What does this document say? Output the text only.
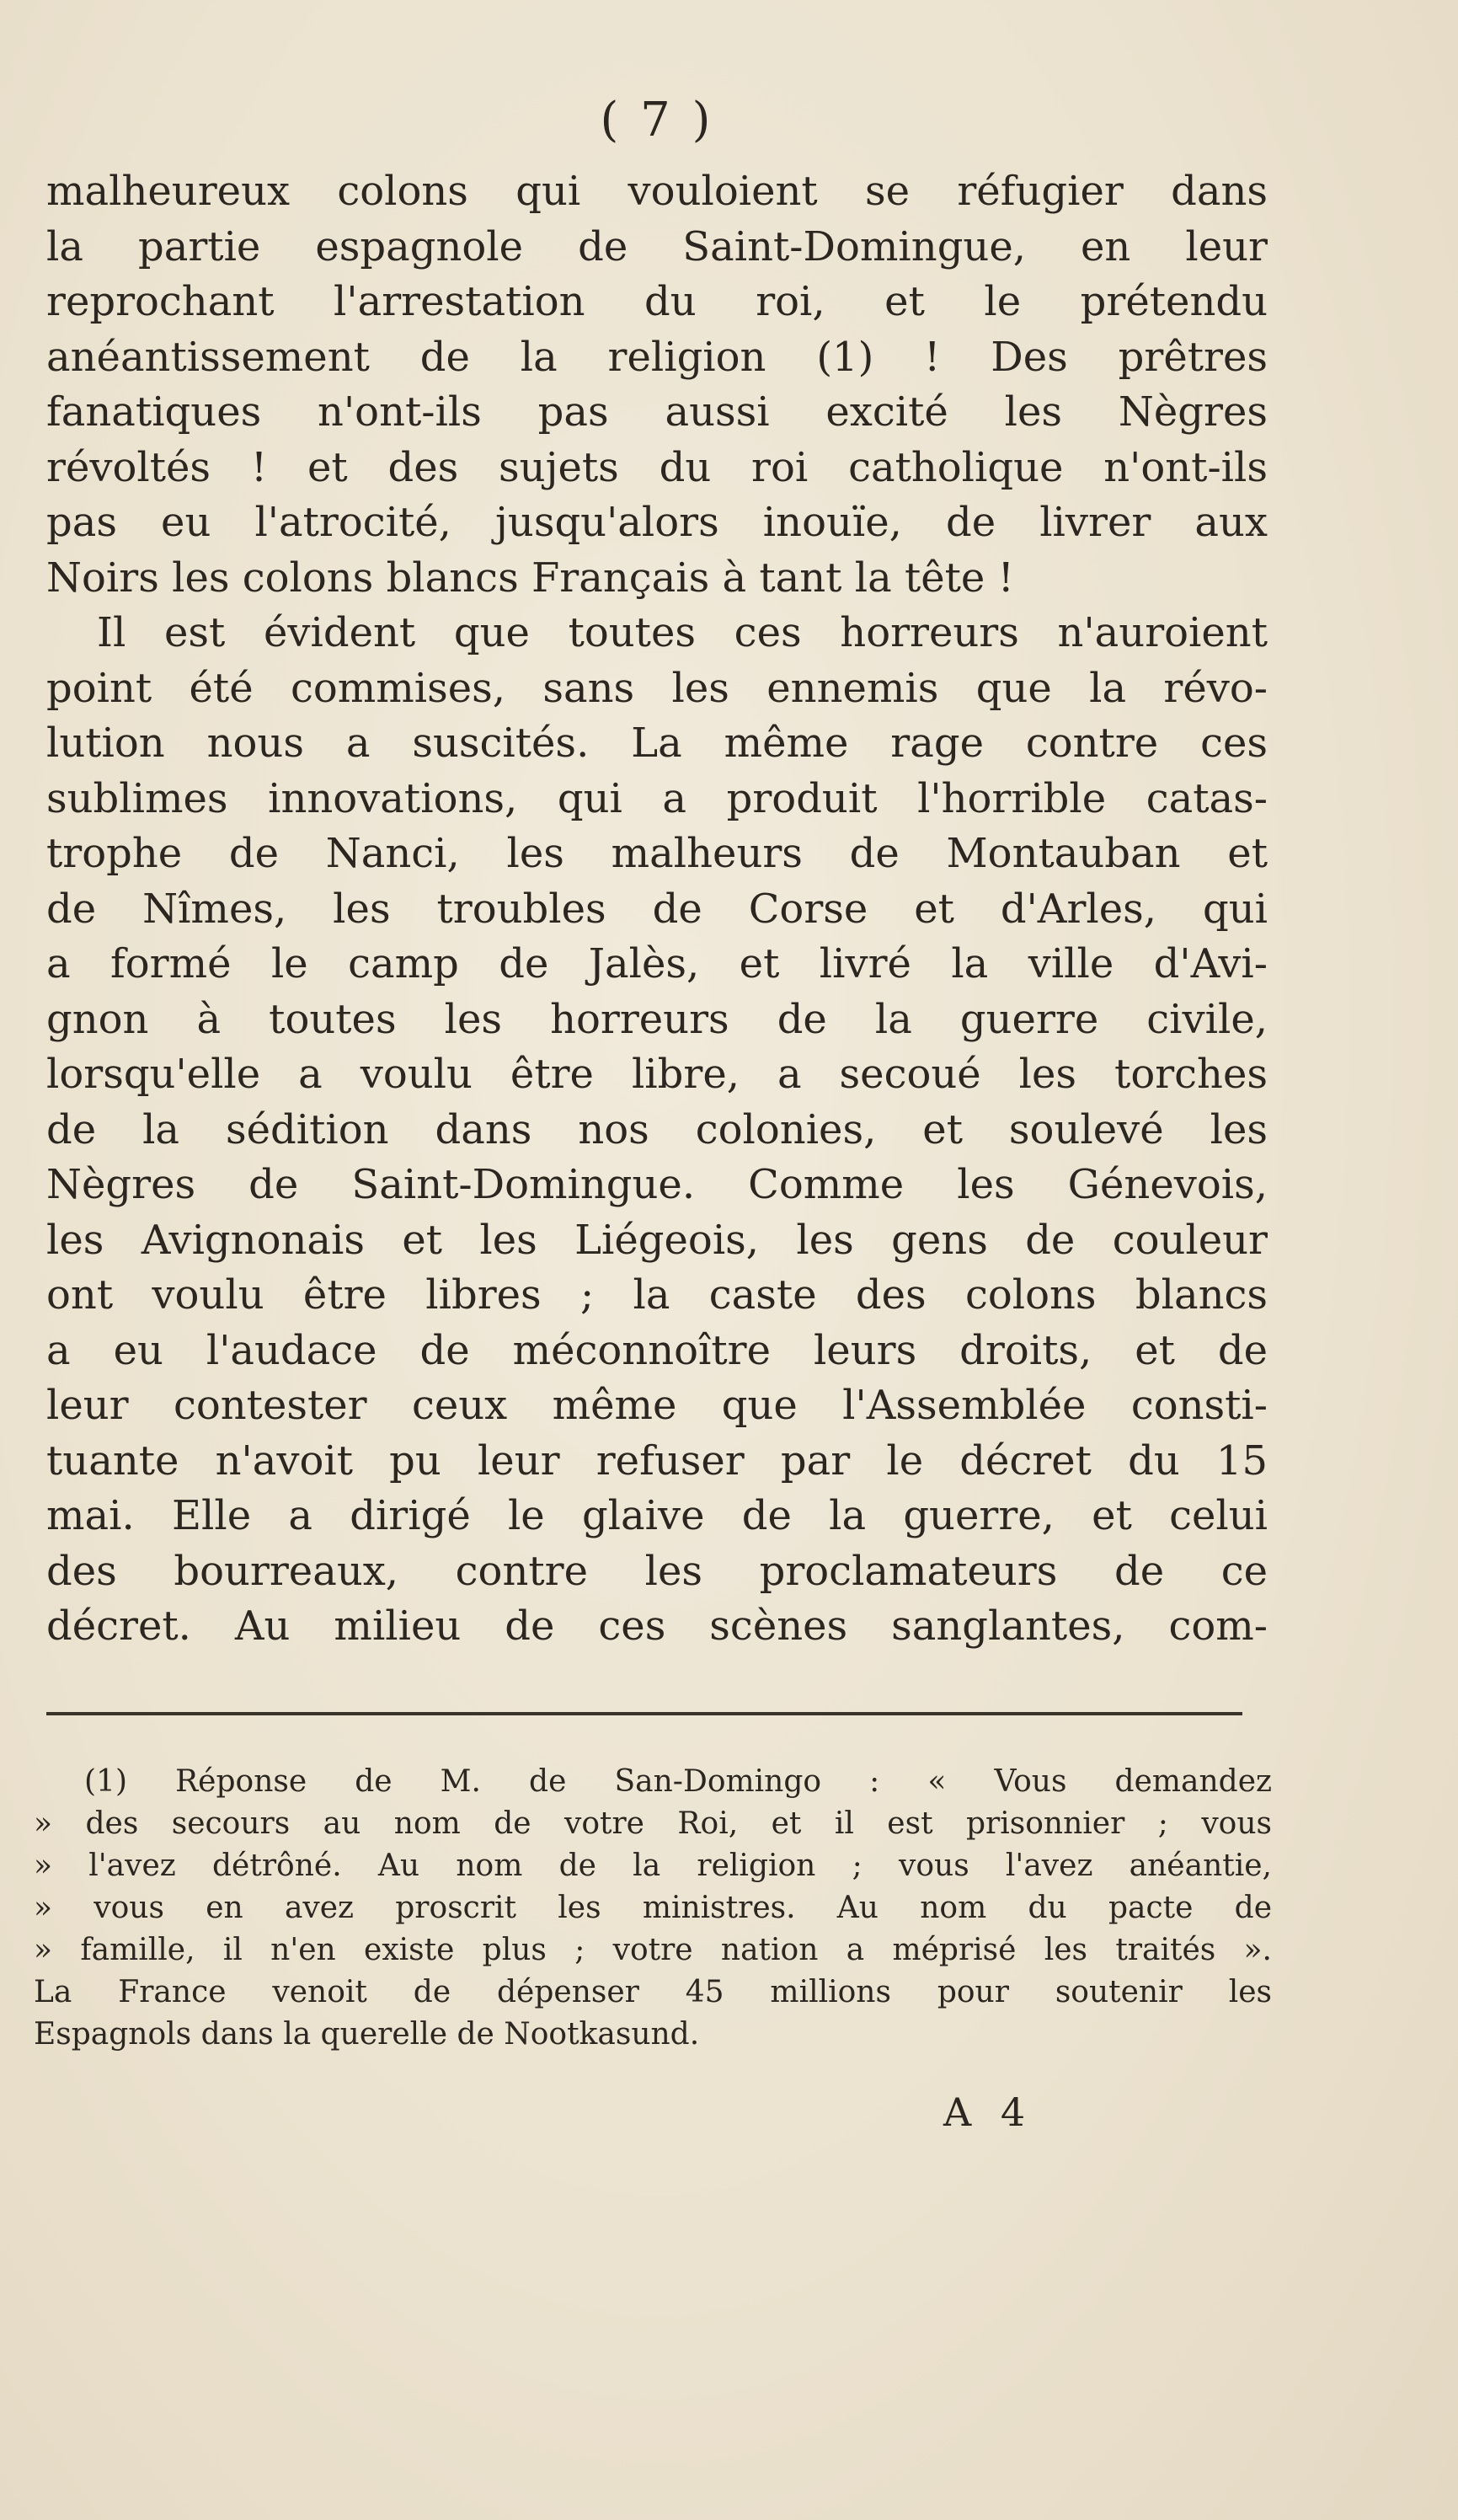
( 7 )
malheureux colons qui vouloient se réfugier dans
la partie espagnole de Saint-Domingue, en leur
reprochant l'arrestation du roi, et le prétendu
anéantissement de la religion (1) ! Des prêtres
fanatiques n'ont-ils pas aussi excité les Nègres
révoltés ! et des sujets du roi catholique n'ont-ils
pas eu l'atrocité, jusqu'alors inouïe, de livrer aux
Noirs les colons blancs Français à tant la tête !
Il est évident que toutes ces horreurs n'auroient
point été commises, sans les ennemis que la révo-
lution nous a suscités. La même rage contre ces
sublimes innovations, qui a produit l'horrible catas-
trophe de Nanci, les malheurs de Montauban et
de Nîmes, les troubles de Corse et d'Arles, qui
a formé le camp de Jalès, et livré la ville d'Avi-
gnon à toutes les horreurs de la guerre civile,
lorsqu'elle a voulu être libre, a secoué les torches
de la sédition dans nos colonies, et soulevé les
Nègres de Saint-Domingue. Comme les Génevois,
les Avignonais et les Liégeois, les gens de couleur
ont voulu être libres ; la caste des colons blancs
a eu l'audace de méconnoître leurs droits, et de
leur contester ceux même que l'Assemblée consti-
tuante n'avoit pu leur refuser par le décret du 15
mai. Elle a dirigé le glaive de la guerre, et celui
des bourreaux, contre les proclamateurs de ce
décret. Au milieu de ces scènes sanglantes, com-
(1) Réponse de M. de San-Domingo : « Vous demandez
» des secours au nom de votre Roi, et il est prisonnier ; vous
» l'avez détrôné. Au nom de la religion ; vous l'avez anéantie,
» vous en avez proscrit les ministres. Au nom du pacte de
» famille, il n'en existe plus ; votre nation a méprisé les traités ».
La France venoit de dépenser 45 millions pour soutenir les
Espagnols dans la querelle de Nootkasund.
A 4
